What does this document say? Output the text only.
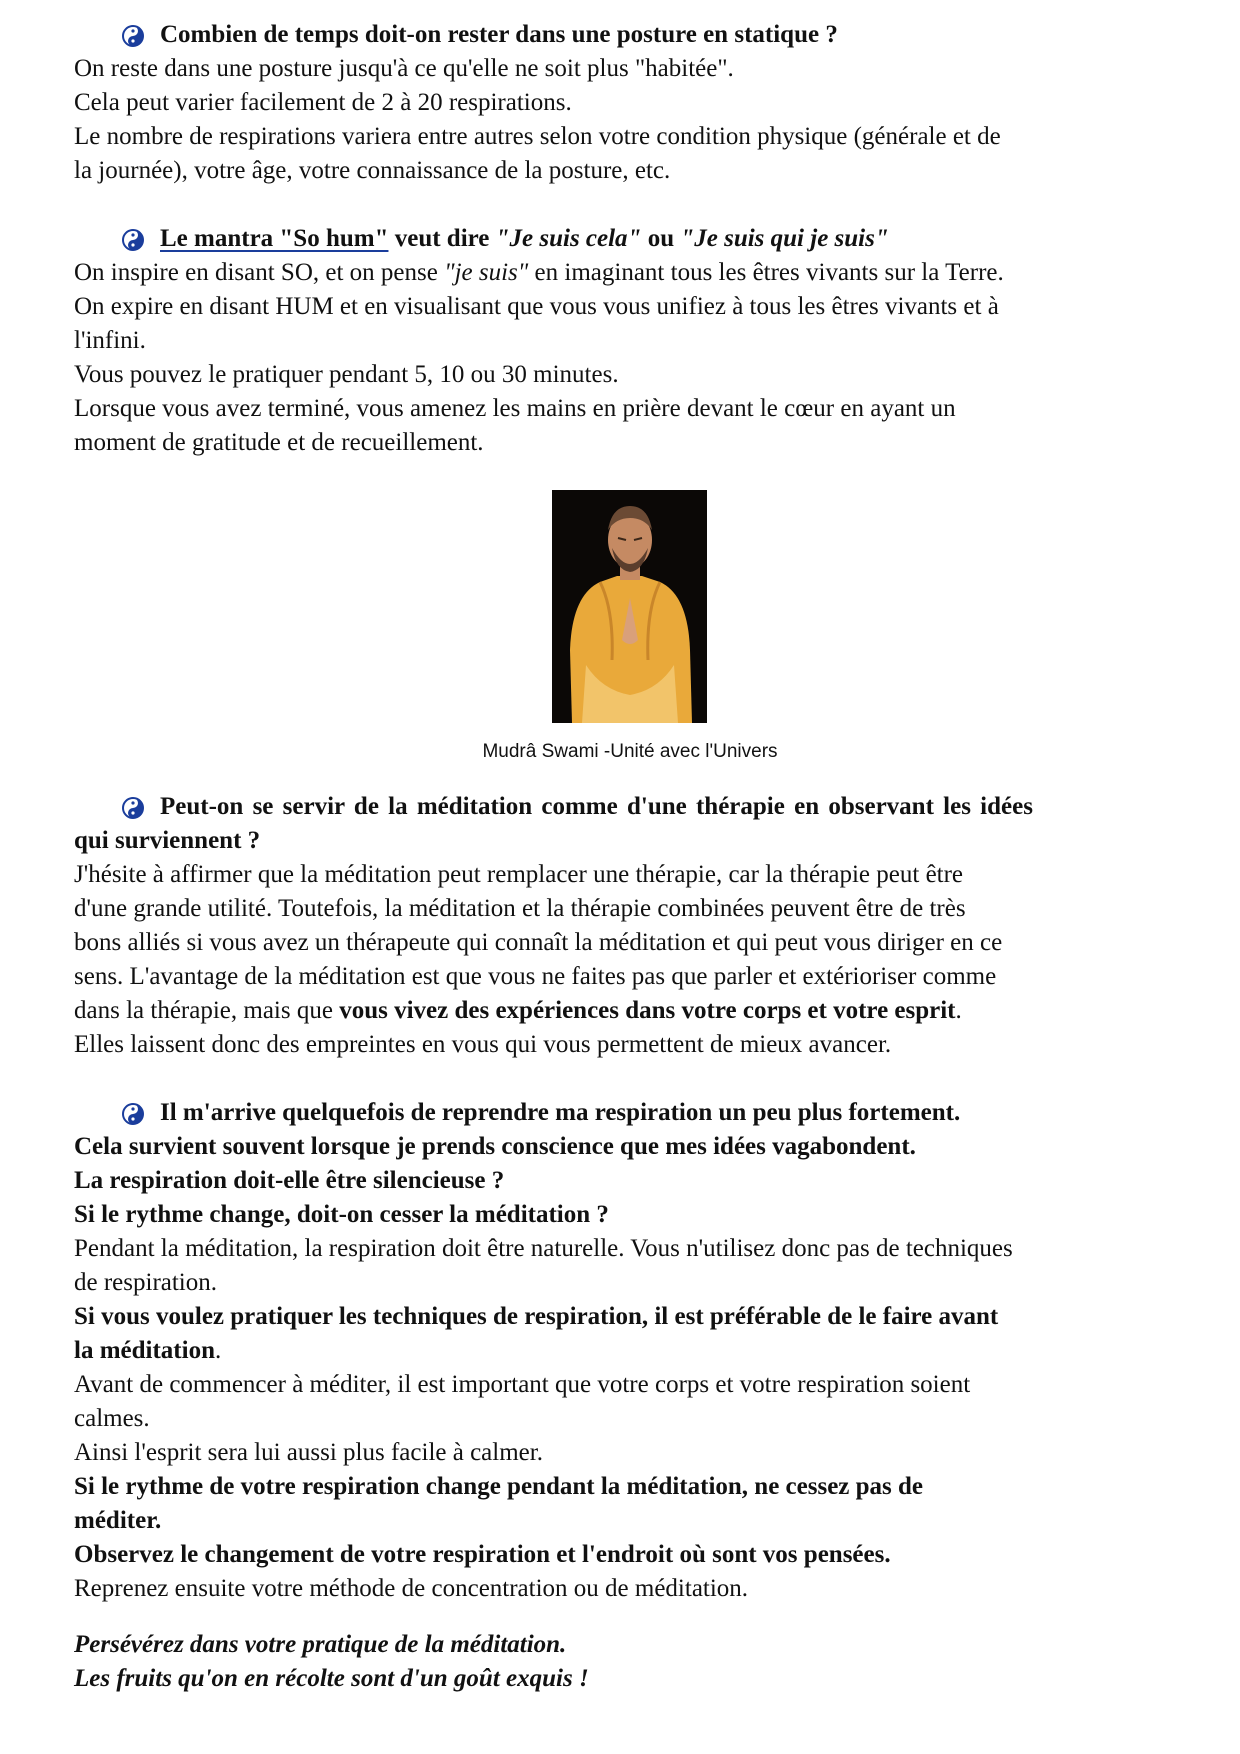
Combien de temps doit-on rester dans une posture en statique ?
On reste dans une posture jusqu'à ce qu'elle ne soit plus "habitée".
Cela peut varier facilement de 2 à 20 respirations.
Le nombre de respirations variera entre autres selon votre condition physique (générale et de
la journée), votre âge, votre connaissance de la posture, etc.
Le mantra "So hum" veut dire "Je suis cela" ou "Je suis qui je suis"
On inspire en disant SO, et on pense "je suis" en imaginant tous les êtres vivants sur la Terre.
On expire en disant HUM et en visualisant que vous vous unifiez à tous les êtres vivants et à
l'infini.
Vous pouvez le pratiquer pendant 5, 10 ou 30 minutes.
Lorsque vous avez terminé, vous amenez les mains en prière devant le cœur en ayant un
moment de gratitude et de recueillement.
Mudrâ Swami -Unité avec l'Univers
Peut-on se servir de la méditation comme d'une thérapie en observant les idées
qui surviennent ?
J'hésite à affirmer que la méditation peut remplacer une thérapie, car la thérapie peut être
d'une grande utilité. Toutefois, la méditation et la thérapie combinées peuvent être de très
bons alliés si vous avez un thérapeute qui connaît la méditation et qui peut vous diriger en ce
sens. L'avantage de la méditation est que vous ne faites pas que parler et extérioriser comme
dans la thérapie, mais que vous vivez des expériences dans votre corps et votre esprit.
Elles laissent donc des empreintes en vous qui vous permettent de mieux avancer.
Il m'arrive quelquefois de reprendre ma respiration un peu plus fortement.
Cela survient souvent lorsque je prends conscience que mes idées vagabondent.
La respiration doit-elle être silencieuse ?
Si le rythme change, doit-on cesser la méditation ?
Pendant la méditation, la respiration doit être naturelle. Vous n'utilisez donc pas de techniques
de respiration.
Si vous voulez pratiquer les techniques de respiration, il est préférable de le faire avant
la méditation.
Avant de commencer à méditer, il est important que votre corps et votre respiration soient
calmes.
Ainsi l'esprit sera lui aussi plus facile à calmer.
Si le rythme de votre respiration change pendant la méditation, ne cessez pas de
méditer.
Observez le changement de votre respiration et l'endroit où sont vos pensées.
Reprenez ensuite votre méthode de concentration ou de méditation.
Persévérez dans votre pratique de la méditation.
Les fruits qu'on en récolte sont d'un goût exquis !
